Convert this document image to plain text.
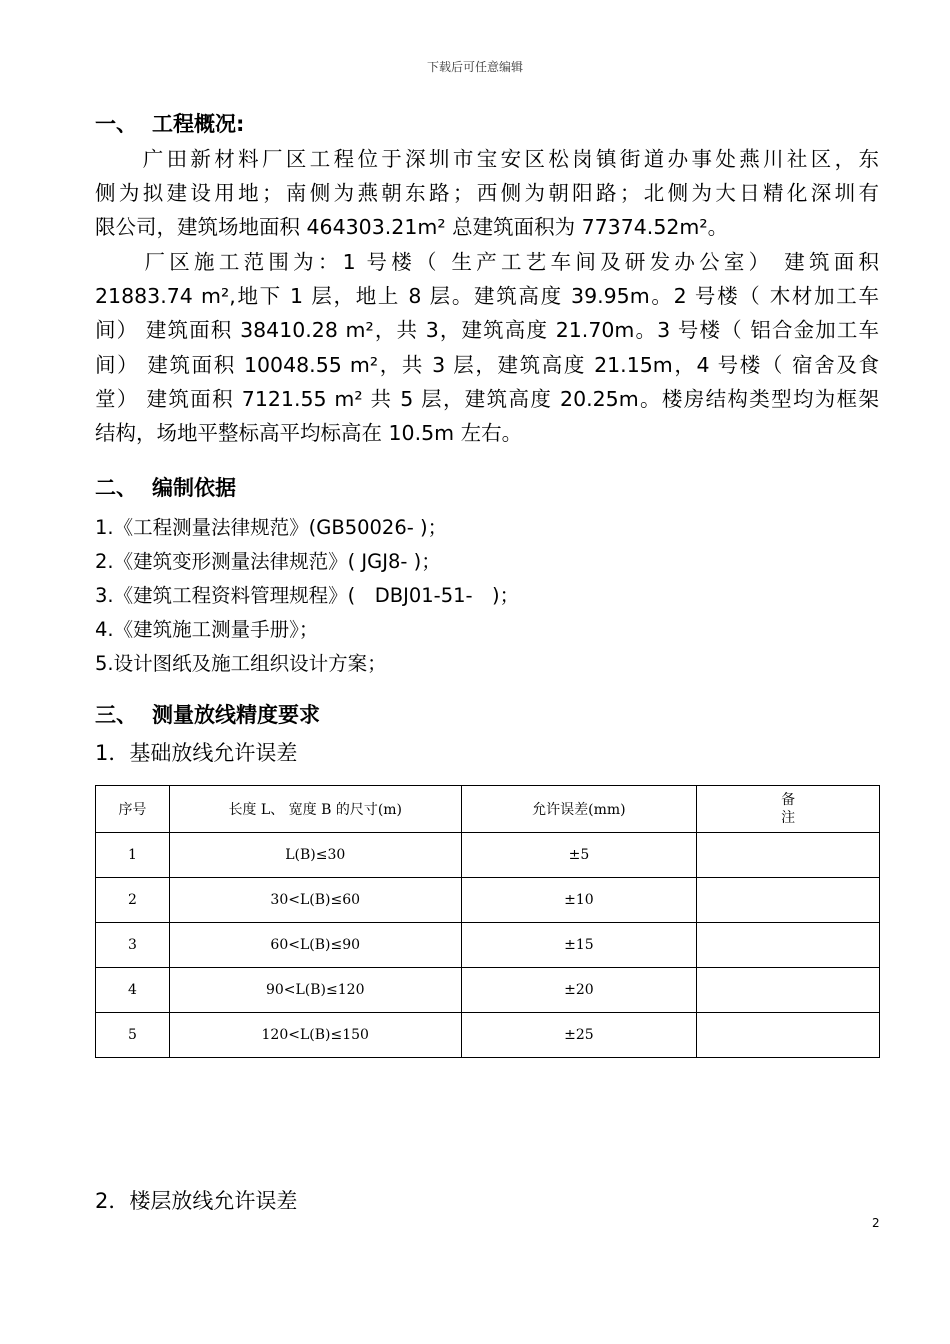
下载后可任意编辑
一、 工程概况:
　　广田新材料厂区工程位于深圳市宝安区松岗镇街道办事处燕川社区，东
侧为拟建设用地；南侧为燕朝东路；西侧为朝阳路；北侧为大日精化深圳有
限公司，建筑场地面积 464303.21m² 总建筑面积为 77374.52m²。
　　厂区施工范围为：1 号楼（ 生产工艺车间及研发办公室） 建筑面积
21883.74 m²,地下 1 层，地上 8 层。建筑高度 39.95m。2 号楼（ 木材加工车
间） 建筑面积 38410.28 m²，共 3，建筑高度 21.70m。3 号楼（ 铝合金加工车
间） 建筑面积 10048.55 m²，共 3 层，建筑高度 21.15m，4 号楼（ 宿舍及食
堂） 建筑面积 7121.55 m² 共 5 层，建筑高度 20.25m。楼房结构类型均为框架
结构，场地平整标高平均标高在 10.5m 左右。
二、 编制依据
1.《工程测量法律规范》(GB50026- )；
2.《建筑变形测量法律规范》( JGJ8- )；
3.《建筑工程资料管理规程》(　DBJ01-51-　)；
4.《建筑施工测量手册》；
5.设计图纸及施工组织设计方案；
三、 测量放线精度要求
1．基础放线允许误差
序号	长度 L、 宽度 B 的尺寸(m)	允许误差(mm)	备
注
1	L(B)≤30	±5	
2	30<L(B)≤60	±10	
3	60<L(B)≤90	±15	
4	90<L(B)≤120	±20	
5	120<L(B)≤150	±25	
2．楼层放线允许误差
2
